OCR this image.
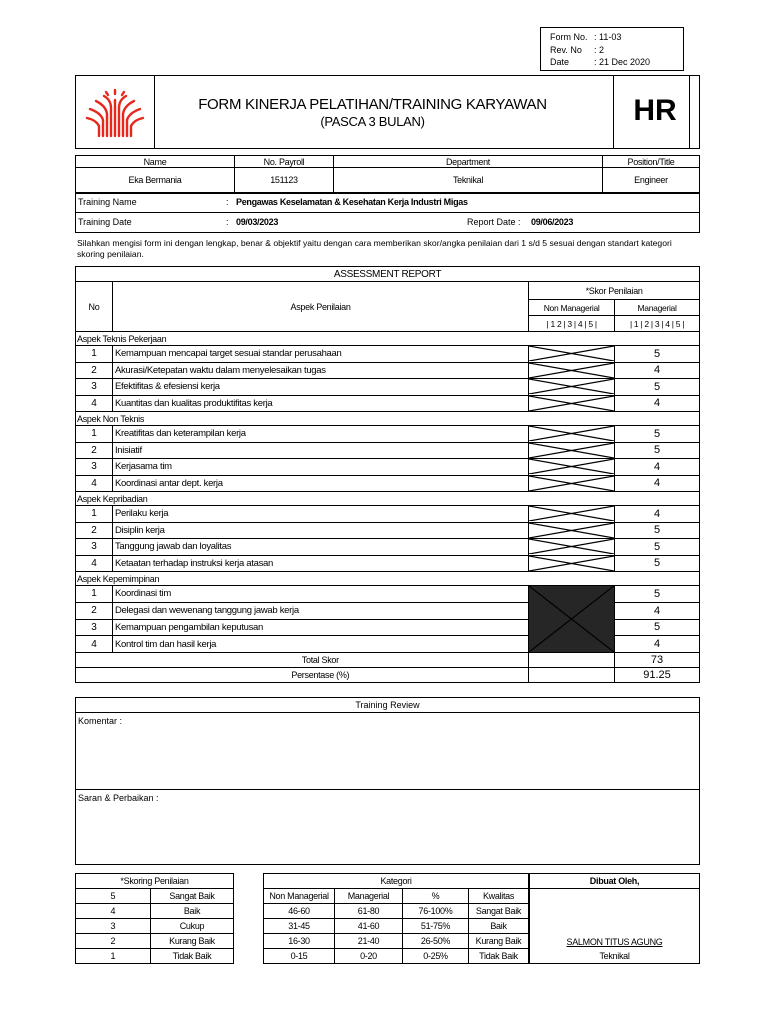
Form No. : 11-03
Rev. No : 2
Date	: 21 Dec 2020
FORM KINERJA PELATIHAN/TRAINING KARYAWAN
(PASCA 3 BULAN)	HR
Name	No. Payroll	Department	Position/Title
Eka Bermania	151123	Teknikal	Engineer
Training Name	: Pengawas Keselamatan & Kesehatan Kerja Industri Migas
Training Date	: 09/03/2023	Report Date : 09/06/2023
Silahkan mengisi form ini dengan lengkap, benar & objektif yaitu dengan cara memberikan skor/angka penilaian dari 1 s/d 5 sesuai dengan standart kategori skoring penilaian.
ASSESSMENT REPORT			
No	Aspek Penilaian	*Skor Penilaian	
		Non Managerial	Managerial
		| 1 2 | 3 | 4 | 5 |	| 1 | 2 | 3 | 4 | 5 |
Aspek Teknis Pekerjaan			
1	Kemampuan mencapai target sesuai standar perusahaan		5
2	Akurasi/Ketepatan waktu dalam menyelesaikan tugas		4
3	Efektifitas & efesiensi kerja		5
4	Kuantitas dan kualitas produktifitas kerja		4
Aspek Non Teknis			
1	Kreatifitas dan keterampilan kerja		5
2	Inisiatif		5
3	Kerjasama tim		4
4	Koordinasi antar dept. kerja		4
Aspek Kepribadian			
1	Perilaku kerja		4
2	Disiplin kerja		5
3	Tanggung jawab dan loyalitas		5
4	Ketaatan terhadap instruksi kerja atasan		5
Aspek Kepemimpinan			
1	Koordinasi tim		5
2	Delegasi dan wewenang tanggung jawab kerja		4
3	Kemampuan pengambilan keputusan		5
4	Kontrol tim dan hasil kerja		4
	Total Skor		73
	Persentase (%)		91.25
Training Review
Komentar :
Saran & Perbaikan :
*Skoring Penilaian	
5	Sangat Baik
4	Baik
3	Cukup
2	Kurang Baik
1	Tidak Baik
Kategori			
Non Managerial	Managerial	%	Kwalitas
46-60	61-80	76-100%	Sangat Baik
31-45	41-60	51-75%	Baik
16-30	21-40	26-50%	Kurang Baik
0-15	0-20	0-25%	Tidak Baik
Dibuat Oleh,
SALMON TITUS AGUNG
Teknikal
